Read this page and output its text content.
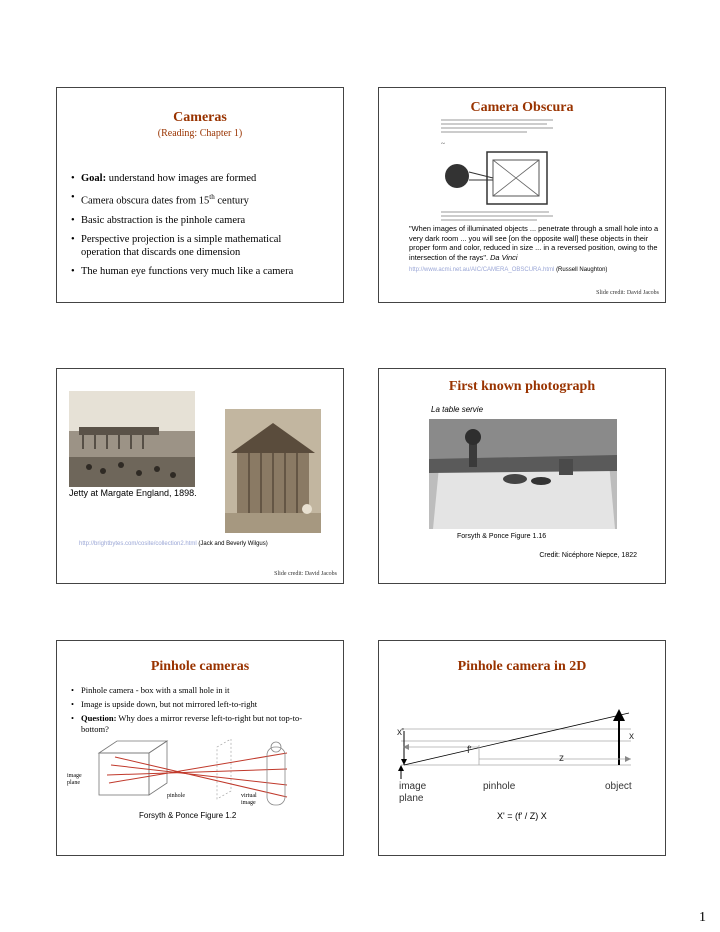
Cameras
(Reading: Chapter 1)
• Goal: understand how images are formed
• Camera obscura dates from 15th century
• Basic abstraction is the pinhole camera
• Perspective projection is a simple mathematical operation that discards one dimension
• The human eye functions very much like a camera
Camera Obscura
~
"When images of illuminated objects ... penetrate through a small hole into a very dark room ... you will see [on the opposite wall] these objects in their proper form and color, reduced in size ... in a reversed position, owing to the intersection of the rays". Da Vinci
http://www.acmi.net.au/AIC/CAMERA_OBSCURA.html (Russell Naughton)
Slide credit: David Jacobs
Jetty at Margate England, 1898.
http://brightbytes.com/cosite/collection2.html (Jack and Beverly Wilgus)
Slide credit: David Jacobs
First known photograph
La table servie
Forsyth & Ponce Figure 1.16
Credit: Nicéphore Niepce, 1822
Pinhole cameras
• Pinhole camera - box with a small hole in it
• Image is upside down, but not mirrored left-to-right
• Question: Why does a mirror reverse left-to-right but not top-to-bottom?
image plane
pinhole	virtual image
Forsyth & Ponce Figure 1.2
Pinhole camera in 2D
x
x'
f'
z
image plane
pinhole	object
X' = (f' / Z) X
1
